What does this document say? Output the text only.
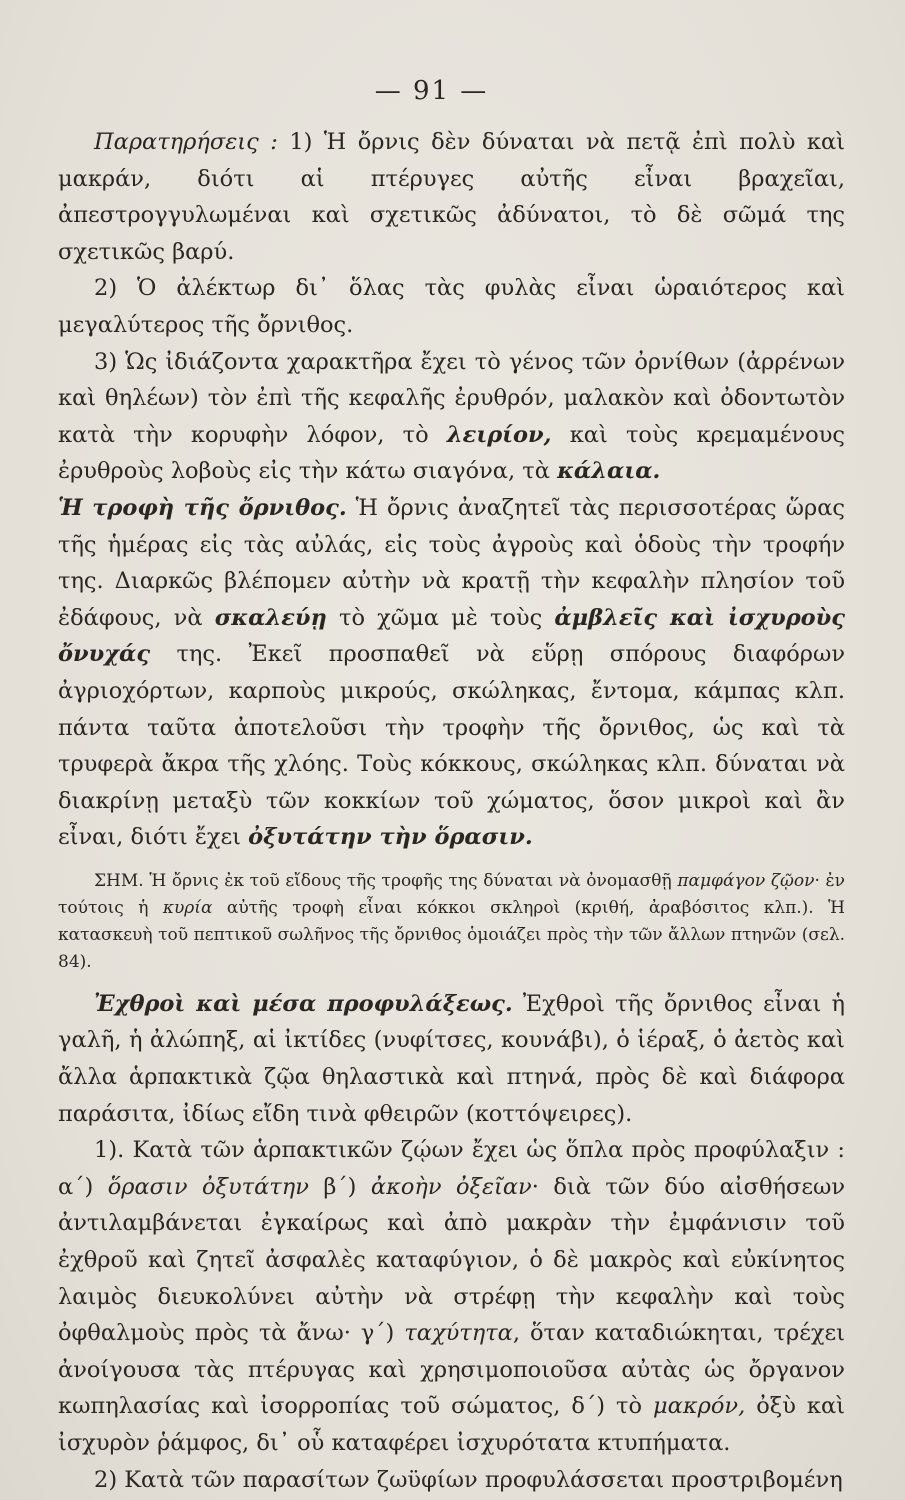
— 91 —

Παρατηρήσεις : 1) Ἡ ὄρνις δὲν δύναται νὰ πετᾷ ἐπὶ πολὺ καὶ μακράν, διότι αἱ πτέρυγες αὐτῆς εἶναι βραχεῖαι, ἀπεστρογγυλωμέναι καὶ σχετικῶς ἀδύνατοι, τὸ δὲ σῶμά της σχετικῶς βαρύ.

2) Ὁ ἀλέκτωρ δι᾽ ὅλας τὰς φυλὰς εἶναι ὡραιότερος καὶ μεγαλύτερος τῆς ὄρνιθος.

3) Ὡς ἰδιάζοντα χαρακτῆρα ἔχει τὸ γένος τῶν ὀρνίθων (ἀρρένων καὶ θηλέων) τὸν ἐπὶ τῆς κεφαλῆς ἐρυθρόν, μαλακὸν καὶ ὀδοντωτὸν κατὰ τὴν κορυφὴν λόφον, τὸ λειρίον, καὶ τοὺς κρεμαμένους ἐρυθροὺς λοβοὺς εἰς τὴν κάτω σιαγόνα, τὰ κάλαια.

Ἡ τροφὴ τῆς ὄρνιθος. Ἡ ὄρνις ἀναζητεῖ τὰς περισσοτέρας ὥρας τῆς ἡμέρας εἰς τὰς αὐλάς, εἰς τοὺς ἀγροὺς καὶ ὁδοὺς τὴν τροφήν της. Διαρκῶς βλέπομεν αὐτὴν νὰ κρατῇ τὴν κεφαλὴν πλησίον τοῦ ἐδάφους, νὰ σκαλεύῃ τὸ χῶμα μὲ τοὺς ἀμβλεῖς καὶ ἰσχυροὺς ὄνυχάς της. Ἐκεῖ προσπαθεῖ νὰ εὕρῃ σπόρους διαφόρων ἀγριοχόρτων, καρποὺς μικρούς, σκώληκας, ἔντομα, κάμπας κλπ. πάντα ταῦτα ἀποτελοῦσι τὴν τροφὴν τῆς ὄρνιθος, ὡς καὶ τὰ τρυφερὰ ἄκρα τῆς χλόης. Τοὺς κόκκους, σκώληκας κλπ. δύναται νὰ διακρίνῃ μεταξὺ τῶν κοκκίων τοῦ χώματος, ὅσον μικροὶ καὶ ἂν εἶναι, διότι ἔχει ὀξυτάτην τὴν ὅρασιν.

ΣΗΜ. Ἡ ὄρνις ἐκ τοῦ εἴδους τῆς τροφῆς της δύναται νὰ ὀνομασθῇ παμφάγον ζῷον· ἐν τούτοις ἡ κυρία αὐτῆς τροφὴ εἶναι κόκκοι σκληροὶ (κριθή, ἀραβόσιτος κλπ.). Ἡ κατασκευὴ τοῦ πεπτικοῦ σωλῆνος τῆς ὄρνιθος ὁμοιάζει πρὸς τὴν τῶν ἄλλων πτηνῶν (σελ. 84).

Ἐχθροὶ καὶ μέσα προφυλάξεως. Ἐχθροὶ τῆς ὄρνιθος εἶναι ἡ γαλῆ, ἡ ἀλώπηξ, αἱ ἰκτίδες (νυφίτσες, κουνάβι), ὁ ἱέραξ, ὁ ἀετὸς καὶ ἄλλα ἁρπακτικὰ ζῷα θηλαστικὰ καὶ πτηνά, πρὸς δὲ καὶ διάφορα παράσιτα, ἰδίως εἴδη τινὰ φθειρῶν (κοττόψειρες).

1). Κατὰ τῶν ἁρπακτικῶν ζῴων ἔχει ὡς ὅπλα πρὸς προφύλαξιν : α´) ὅρασιν ὀξυτάτην β´) ἀκοὴν ὀξεῖαν· διὰ τῶν δύο αἰσθήσεων ἀντιλαμβάνεται ἐγκαίρως καὶ ἀπὸ μακρὰν τὴν ἐμφάνισιν τοῦ ἐχθροῦ καὶ ζητεῖ ἀσφαλὲς καταφύγιον, ὁ δὲ μακρὸς καὶ εὐκίνητος λαιμὸς διευκολύνει αὐτὴν νὰ στρέφῃ τὴν κεφαλὴν καὶ τοὺς ὀφθαλμοὺς πρὸς τὰ ἄνω· γ´) ταχύτητα, ὅταν καταδιώκηται, τρέχει ἀνοίγουσα τὰς πτέρυγας καὶ χρησιμοποιοῦσα αὐτὰς ὡς ὄργανον κωπηλασίας καὶ ἰσορροπίας τοῦ σώματος, δ´) τὸ μακρόν, ὀξὺ καὶ ἰσχυρὸν ῥάμφος, δι᾽ οὗ καταφέρει ἰσχυρότατα κτυπήματα.

2) Κατὰ τῶν παρασίτων ζωϋφίων προφυλάσσεται προστριβομένη
